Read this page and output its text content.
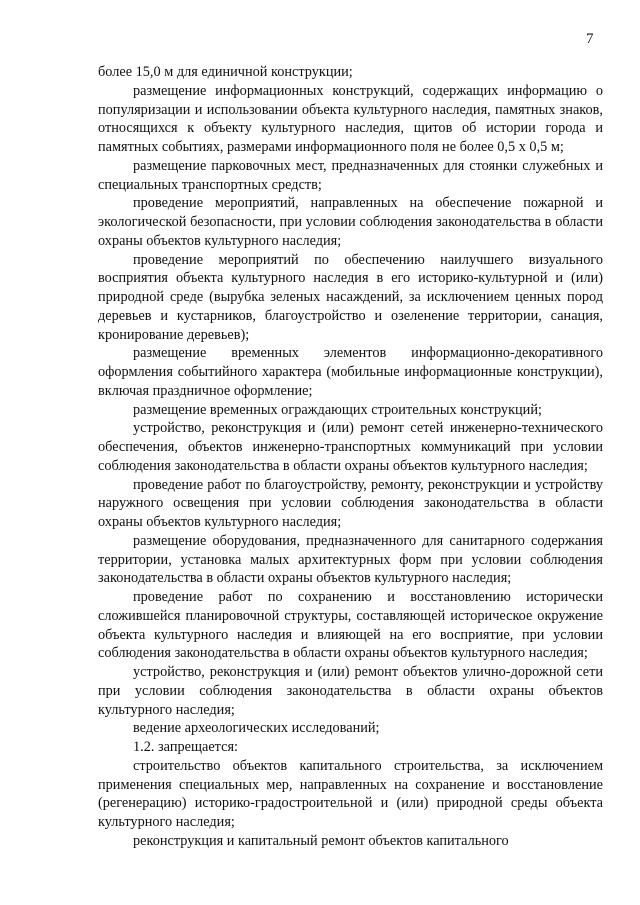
7

более 15,0 м для единичной конструкции;

размещение информационных конструкций, содержащих информацию о популяризации и использовании объекта культурного наследия, памятных знаков, относящихся к объекту культурного наследия, щитов об истории города и памятных событиях, размерами информационного поля не более 0,5 х 0,5 м;

размещение парковочных мест, предназначенных для стоянки служебных и специальных транспортных средств;

проведение мероприятий, направленных на обеспечение пожарной и экологической безопасности, при условии соблюдения законодательства в области охраны объектов культурного наследия;

проведение мероприятий по обеспечению наилучшего визуального восприятия объекта культурного наследия в его историко-культурной и (или) природной среде (вырубка зеленых насаждений, за исключением ценных пород деревьев и кустарников, благоустройство и озеленение территории, санация, кронирование деревьев);

размещение временных элементов информационно-декоративного оформления событийного характера (мобильные информационные конструкции), включая праздничное оформление;

размещение временных ограждающих строительных конструкций;

устройство, реконструкция и (или) ремонт сетей инженерно-технического обеспечения, объектов инженерно-транспортных коммуникаций при условии соблюдения законодательства в области охраны объектов культурного наследия;

проведение работ по благоустройству, ремонту, реконструкции и устройству наружного освещения при условии соблюдения законодательства в области охраны объектов культурного наследия;

размещение оборудования, предназначенного для санитарного содержания территории, установка малых архитектурных форм при условии соблюдения законодательства в области охраны объектов культурного наследия;

проведение работ по сохранению и восстановлению исторически сложившейся планировочной структуры, составляющей историческое окружение объекта культурного наследия и влияющей на его восприятие, при условии соблюдения законодательства в области охраны объектов культурного наследия;

устройство, реконструкция и (или) ремонт объектов улично-дорожной сети при условии соблюдения законодательства в области охраны объектов культурного наследия;

ведение археологических исследований;

1.2. запрещается:

строительство объектов капитального строительства, за исключением применения специальных мер, направленных на сохранение и восстановление (регенерацию) историко-градостроительной и (или) природной среды объекта культурного наследия;

реконструкция и капитальный ремонт объектов капитального
